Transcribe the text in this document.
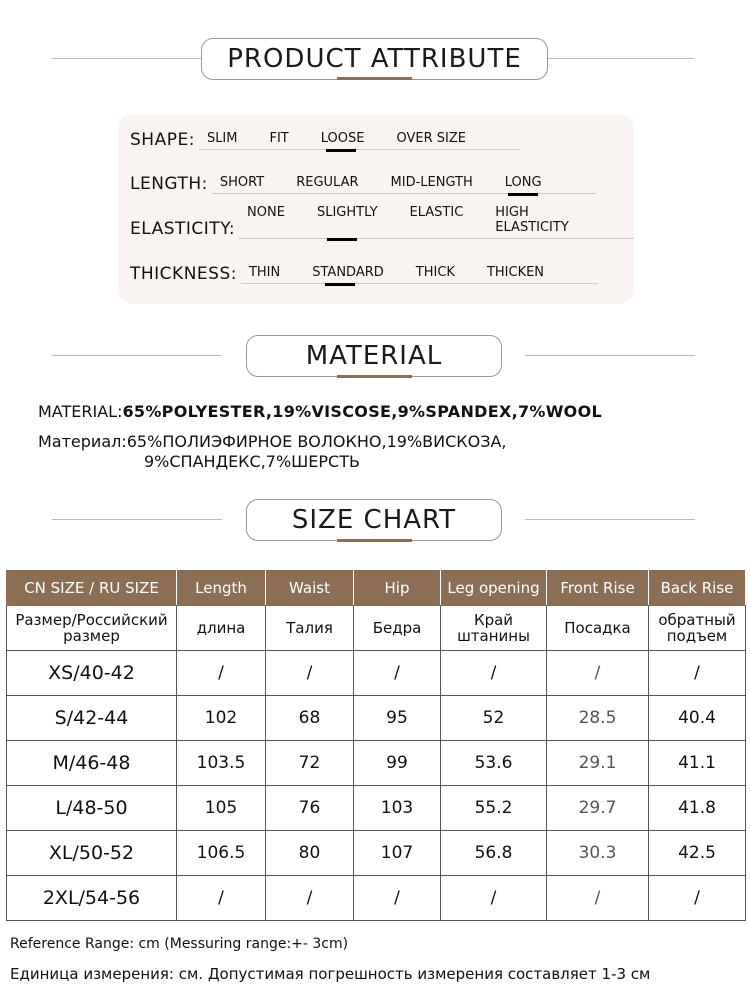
PRODUCT ATTRIBUTE
SHAPE: SLIM	FIT	LOOSE	OVER SIZE
LENGTH: SHORT	REGULAR	MID-LENGTH	LONG
ELASTICITY:
NONE	SLIGHTLY	ELASTIC	HIGH ELASTICITY
THICKNESS: THIN	STANDARD	THICK	THICKEN
MATERIAL
MATERIAL:65%POLYESTER,19%VISCOSE,9%SPANDEX,7%WOOL
Материал:65%ПОЛИЭФИРНОЕ ВОЛОКНО,19%ВИСКОЗА,
9%СПАНДЕКС,7%ШЕРСТЬ
SIZE CHART
CN SIZE / RU SIZE	Length	Waist	Hip	Leg opening	Front Rise	Back Rise
Размер/Российский размер	длина	Талия	Бедра	Край штанины	Посадка	обратный подъем
XS/40-42	/	/	/	/	/	/
S/42-44	102	68	95	52	28.5	40.4
M/46-48	103.5	72	99	53.6	29.1	41.1
L/48-50	105	76	103	55.2	29.7	41.8
XL/50-52	106.5	80	107	56.8	30.3	42.5
2XL/54-56	/	/	/	/	/	/
Reference Range: cm (Messuring range:+- 3cm)
Единица измерения: см. Допустимая погрешность измерения составляет 1-3 см
